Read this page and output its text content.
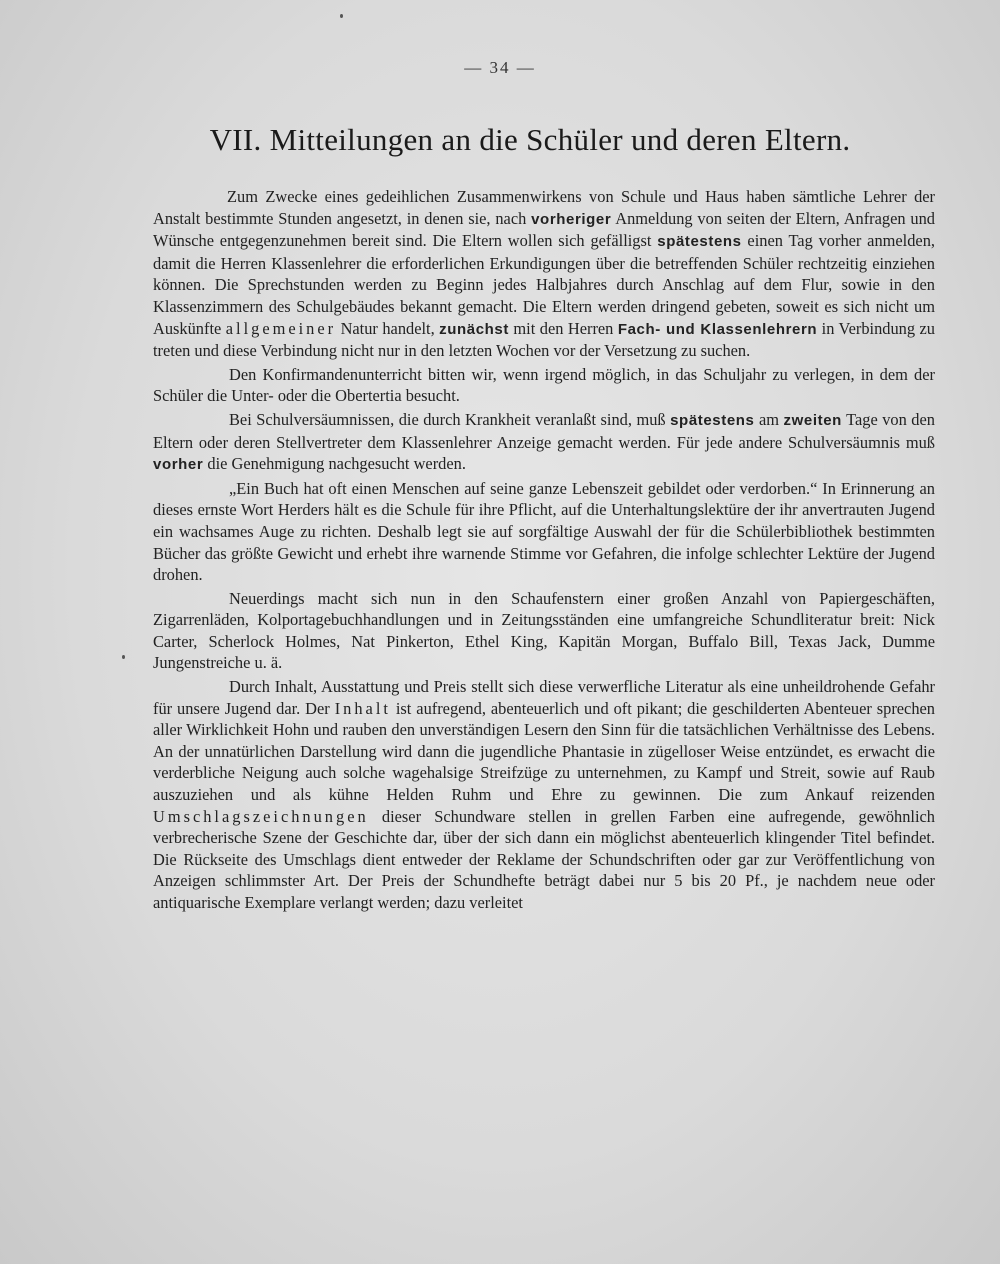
— 34 —
VII. Mitteilungen an die Schüler und deren Eltern.

Zum Zwecke eines gedeihlichen Zusammenwirkens von Schule und Haus haben sämtliche Lehrer der Anstalt bestimmte Stunden angesetzt, in denen sie, nach vorheriger Anmeldung von seiten der Eltern, Anfragen und Wünsche entgegenzunehmen bereit sind. Die Eltern wollen sich gefälligst spätestens einen Tag vorher anmelden, damit die Herren Klassenlehrer die erforderlichen Erkundigungen über die betreffenden Schüler rechtzeitig einziehen können. Die Sprechstunden werden zu Beginn jedes Halbjahres durch Anschlag auf dem Flur, sowie in den Klassenzimmern des Schulgebäudes bekannt gemacht. Die Eltern werden dringend gebeten, soweit es sich nicht um Auskünfte allgemeiner Natur handelt, zunächst mit den Herren Fach- und Klassenlehrern in Verbindung zu treten und diese Verbindung nicht nur in den letzten Wochen vor der Versetzung zu suchen.

Den Konfirmandenunterricht bitten wir, wenn irgend möglich, in das Schuljahr zu verlegen, in dem der Schüler die Unter- oder die Obertertia besucht.

Bei Schulversäumnissen, die durch Krankheit veranlaßt sind, muß spätestens am zweiten Tage von den Eltern oder deren Stellvertreter dem Klassenlehrer Anzeige gemacht werden. Für jede andere Schulversäumnis muß vorher die Genehmigung nachgesucht werden.

„Ein Buch hat oft einen Menschen auf seine ganze Lebenszeit gebildet oder verdorben.“ In Erinnerung an dieses ernste Wort Herders hält es die Schule für ihre Pflicht, auf die Unterhaltungslektüre der ihr anvertrauten Jugend ein wachsames Auge zu richten. Deshalb legt sie auf sorgfältige Auswahl der für die Schülerbibliothek bestimmten Bücher das größte Gewicht und erhebt ihre warnende Stimme vor Gefahren, die infolge schlechter Lektüre der Jugend drohen.

Neuerdings macht sich nun in den Schaufenstern einer großen Anzahl von Papiergeschäften, Zigarrenläden, Kolportagebuchhandlungen und in Zeitungsständen eine umfangreiche Schundliteratur breit: Nick Carter, Scherlock Holmes, Nat Pinkerton, Ethel King, Kapitän Morgan, Buffalo Bill, Texas Jack, Dumme Jungenstreiche u. ä.

Durch Inhalt, Ausstattung und Preis stellt sich diese verwerfliche Literatur als eine unheildrohende Gefahr für unsere Jugend dar. Der Inhalt ist aufregend, abenteuerlich und oft pikant; die geschilderten Abenteuer sprechen aller Wirklichkeit Hohn und rauben den unverständigen Lesern den Sinn für die tatsächlichen Verhältnisse des Lebens. An der unnatürlichen Darstellung wird dann die jugendliche Phantasie in zügelloser Weise entzündet, es erwacht die verderbliche Neigung auch solche wagehalsige Streifzüge zu unternehmen, zu Kampf und Streit, sowie auf Raub auszuziehen und als kühne Helden Ruhm und Ehre zu gewinnen. Die zum Ankauf reizenden Umschlagszeichnungen dieser Schundware stellen in grellen Farben eine aufregende, gewöhnlich verbrecherische Szene der Geschichte dar, über der sich dann ein möglichst abenteuerlich klingender Titel befindet. Die Rückseite des Umschlags dient entweder der Reklame der Schundschriften oder gar zur Veröffentlichung von Anzeigen schlimmster Art. Der Preis der Schundhefte beträgt dabei nur 5 bis 20 Pf., je nachdem neue oder antiquarische Exemplare verlangt werden; dazu verleitet
